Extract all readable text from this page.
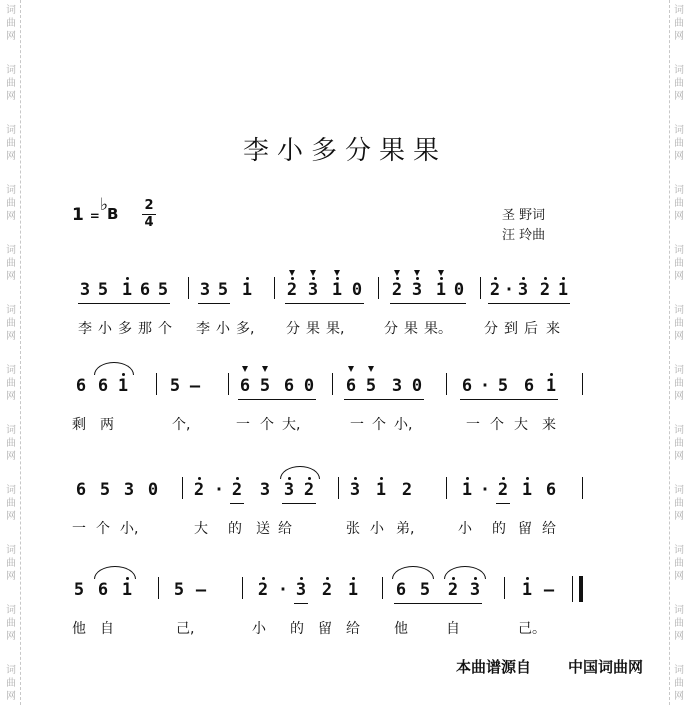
词
曲
网
词
曲
网
词
曲
网
词
曲
网
词
曲
网
词
曲
网
词
曲
网
词
曲
网
词
曲
网
词
曲
网
词
曲
网
词
曲
网
词
曲
网
词
曲
网
词
曲
网
词
曲
网
词
曲
网
词
曲
网
词
曲
网
词
曲
网
词
曲
网
词
曲
网
词
曲
网
词
曲
网
李小多分果果
1 =
♭
B 2
4	圣 野词
汪 玲曲
3 5 1 6 5 3 5 1 2 3 1 0 2 3 1 0 2 · 3 2 1
李 小 多 那 个 李 小 多, 分 果 果,	分 果 果。 分 到 后 来
6 6 1 5 – 6 5 6 0 6 5 3 0 6 · 5 6 1
剩 两	个,	一 个 大,	一 个 小,	一 个 大 来
6 5 3 0 2 · 2 3 3 2 3 1 2	1 · 2 1 6
一 个 小,	大 的 送 给	张 小 弟,	小 的 留 给
5 6 1 5 –	2 · 3 2 1 6 5 2 3 1 –
他 自	己,	小 的 留 给 他	自	己。
本曲谱源自 中国词曲网
